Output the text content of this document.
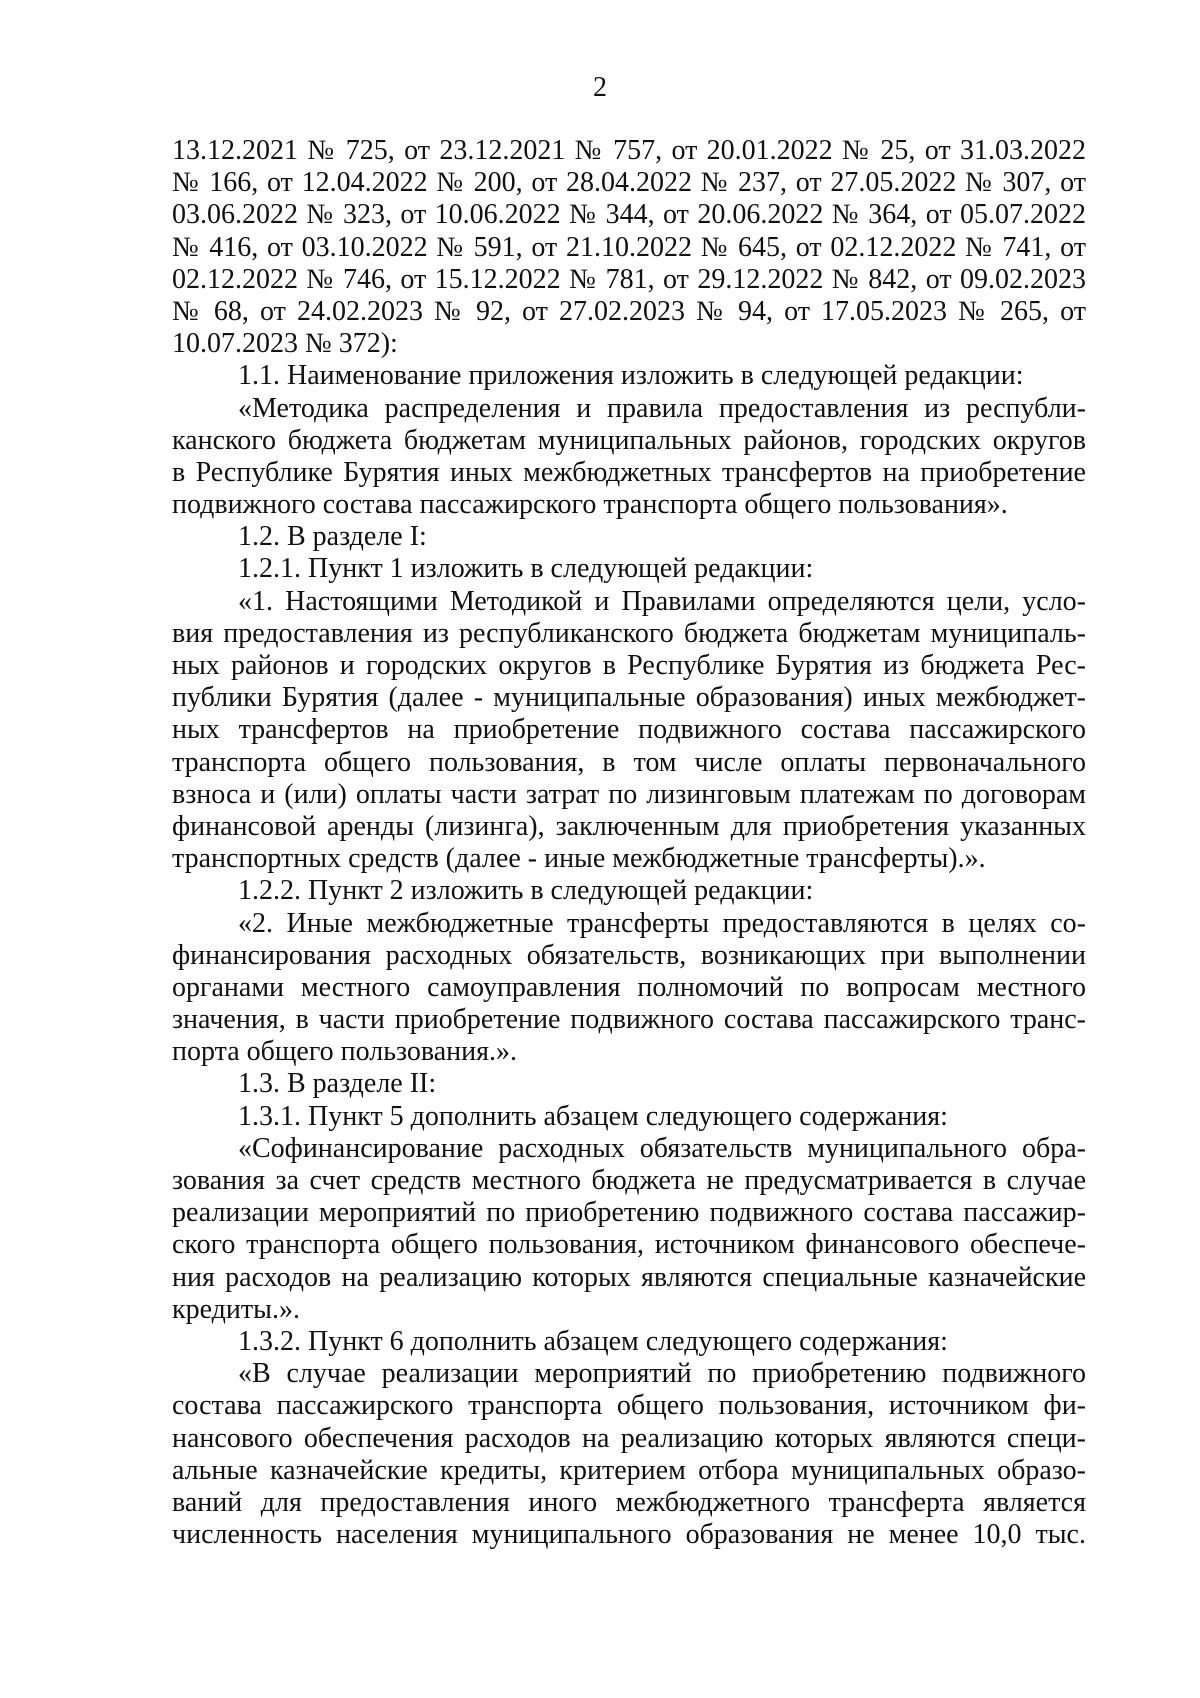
2
13.12.2021 № 725, от 23.12.2021 № 757, от 20.01.2022 № 25, от 31.03.2022
№ 166, от 12.04.2022 № 200, от 28.04.2022 № 237, от 27.05.2022 № 307, от
03.06.2022 № 323, от 10.06.2022 № 344, от 20.06.2022 № 364, от 05.07.2022
№ 416, от 03.10.2022 № 591, от 21.10.2022 № 645, от 02.12.2022 № 741, от
02.12.2022 № 746, от 15.12.2022 № 781, от 29.12.2022 № 842, от 09.02.2023
№ 68, от 24.02.2023 № 92, от 27.02.2023 № 94, от 17.05.2023 № 265, от
10.07.2023 № 372):
1.1. Наименование приложения изложить в следующей редакции:
«Методика распределения и правила предоставления из республи-
канского бюджета бюджетам муниципальных районов, городских округов
в Республике Бурятия иных межбюджетных трансфертов на приобретение
подвижного состава пассажирского транспорта общего пользования».
1.2. В разделе I:
1.2.1. Пункт 1 изложить в следующей редакции:
«1. Настоящими Методикой и Правилами определяются цели, усло-
вия предоставления из республиканского бюджета бюджетам муниципаль-
ных районов и городских округов в Республике Бурятия из бюджета Рес-
публики Бурятия (далее - муниципальные образования) иных межбюджет-
ных трансфертов на приобретение подвижного состава пассажирского
транспорта общего пользования, в том числе оплаты первоначального
взноса и (или) оплаты части затрат по лизинговым платежам по договорам
финансовой аренды (лизинга), заключенным для приобретения указанных
транспортных средств (далее - иные межбюджетные трансферты).».
1.2.2. Пункт 2 изложить в следующей редакции:
«2. Иные межбюджетные трансферты предоставляются в целях со-
финансирования расходных обязательств, возникающих при выполнении
органами местного самоуправления полномочий по вопросам местного
значения, в части приобретение подвижного состава пассажирского транс-
порта общего пользования.».
1.3. В разделе II:
1.3.1. Пункт 5 дополнить абзацем следующего содержания:
«Софинансирование расходных обязательств муниципального обра-
зования за счет средств местного бюджета не предусматривается в случае
реализации мероприятий по приобретению подвижного состава пассажир-
ского транспорта общего пользования, источником финансового обеспече-
ния расходов на реализацию которых являются специальные казначейские
кредиты.».
1.3.2. Пункт 6 дополнить абзацем следующего содержания:
«В случае реализации мероприятий по приобретению подвижного
состава пассажирского транспорта общего пользования, источником фи-
нансового обеспечения расходов на реализацию которых являются специ-
альные казначейские кредиты, критерием отбора муниципальных образо-
ваний для предоставления иного межбюджетного трансферта является
численность населения муниципального образования не менее 10,0 тыс.
